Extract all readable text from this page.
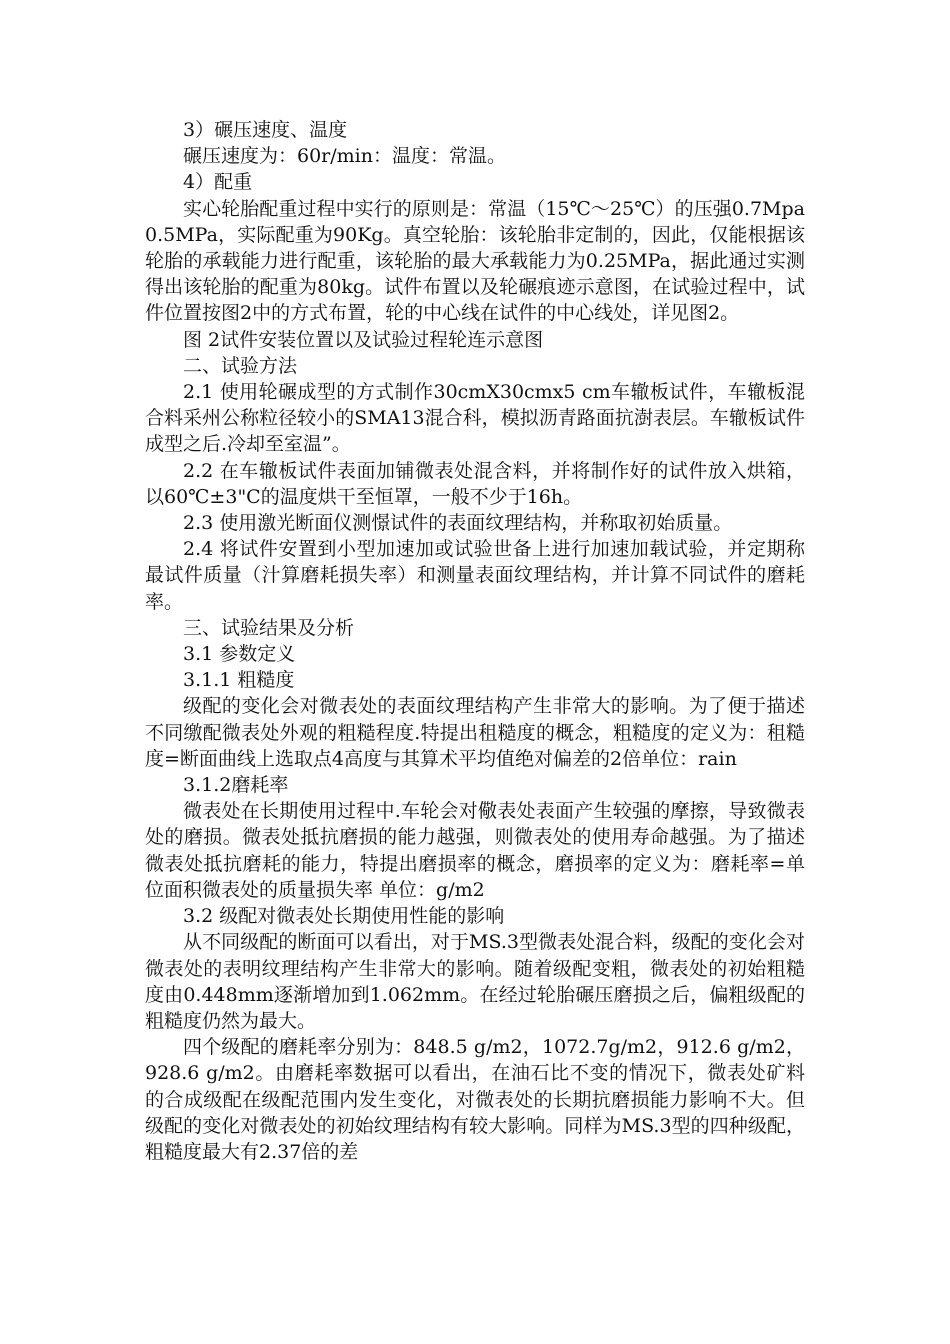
3）碾压速度、温度

碾压速度为：60r/min：温度：常温。

4）配重

实心轮胎配重过程中实行的原则是：常温（15℃～25℃）的压强0.7Mpa 0.5MPa，实际配重为90Kg。真空轮胎：该轮胎非定制的，因此，仅能根据该轮胎的承载能力进行配重，该轮胎的最大承载能力为0.25MPa，据此通过实测得出该轮胎的配重为80kg。试件布置以及轮碾痕迹示意图，在试验过程中，试件位置按图2中的方式布置，轮的中心线在试件的中心线处，详见图2。

图 2试件安装位置以及试验过程轮连示意图

二、试验方法

2.1 使用轮碾成型的方式制作30cmX30cmx5 cm车辙板试件，车辙板混合料采州公称粒径较小的SMA13混合科，模拟沥青路面抗澍表层。车辙板试件成型之后.冷却至室温”。

2.2 在车辙板试件表面加铺微表处混含料，并将制作好的试件放入烘箱，以60℃±3"C的温度烘干至恒罩，一般不少于16h。

2.3 使用激光断面仪测憬试件的表面纹理结构，并称取初始质量。

2.4 将试件安置到小型加速加或试验世备上进行加速加载试验，并定期称最试件质量（汁算磨耗损失率）和测量表面纹理结构，并计算不同试件的磨耗率。

三、试验结果及分析

3.1 参数定义

3.1.1 粗糙度

级配的变化会对微表处的表面纹理结构产生非常大的影响。为了便于描述不同缴配微表处外观的粗糙程度.特提出租糙度的概念，粗糙度的定义为：租糙度=断面曲线上选取点4高度与其算术平均值绝对偏差的2倍单位：rain

3.1.2磨耗率

微表处在长期使用过程中.车轮会对儆表处表面产生较强的摩擦，导致微表处的磨损。微表处抵抗磨损的能力越强，则微表处的使用寿命越强。为了描述微表处抵抗磨耗的能力，特提出磨损率的概念，磨损率的定义为：磨耗率=单位面积微表处的质量损失率 单位：g/m2

3.2 级配对微表处长期使用性能的影响

从不同级配的断面可以看出，对于MS.3型微表处混合料，级配的变化会对微表处的表明纹理结构产生非常大的影响。随着级配变粗，微表处的初始粗糙度由0.448mm逐渐增加到1.062mm。在经过轮胎碾压磨损之后，偏粗级配的粗糙度仍然为最大。

四个级配的磨耗率分别为：848.5 g/m2，1072.7g/m2，912.6 g/m2，928.6 g/m2。由磨耗率数据可以看出，在油石比不变的情况下，微表处矿料的合成级配在级配范围内发生变化，对微表处的长期抗磨损能力影响不大。但级配的变化对微表处的初始纹理结构有较大影响。同样为MS.3型的四种级配，粗糙度最大有2.37倍的差
